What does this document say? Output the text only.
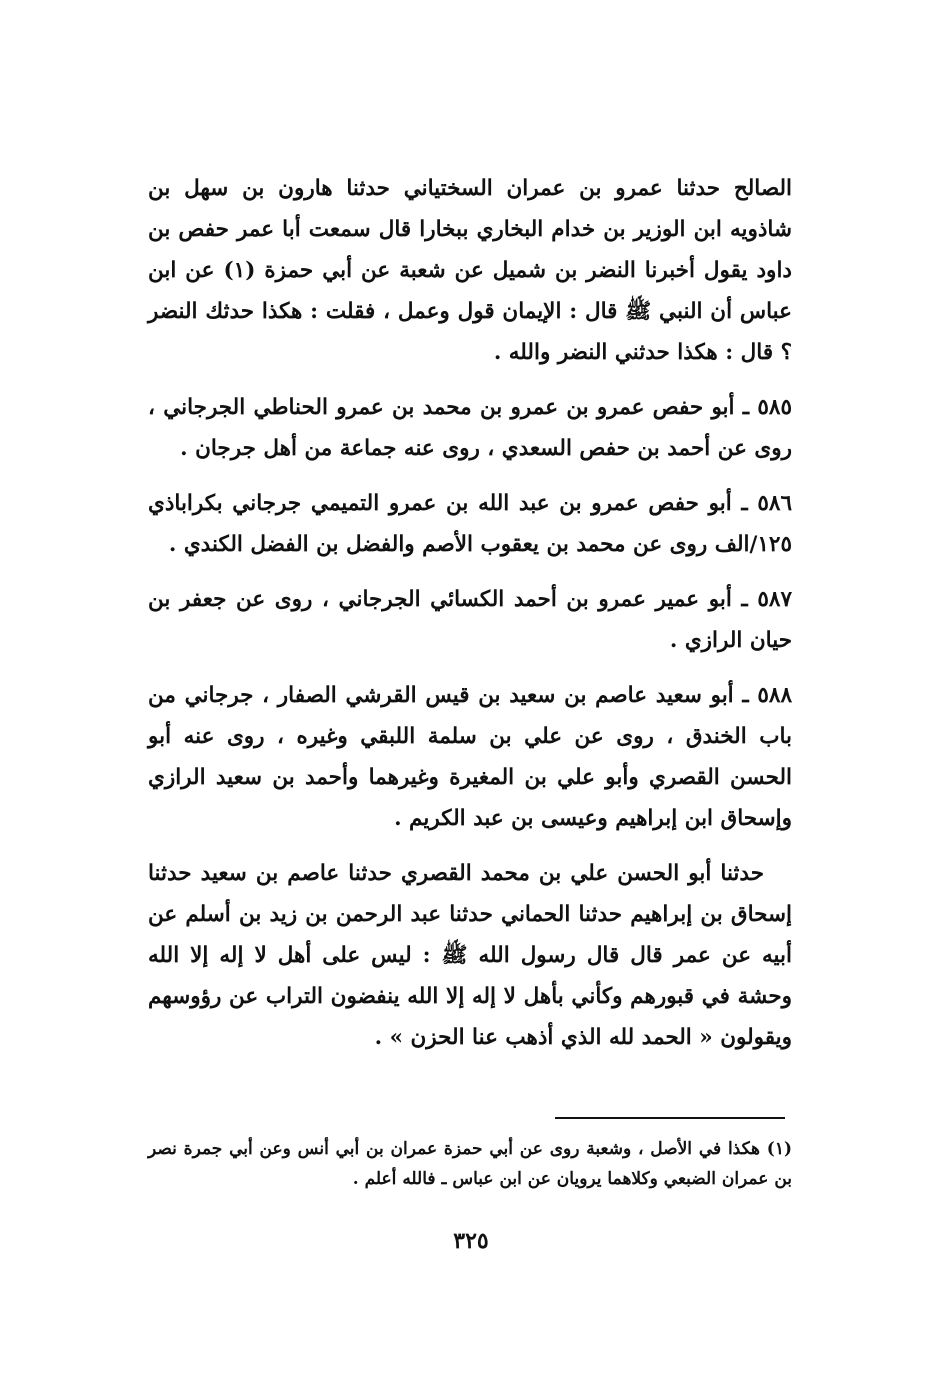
الصالح حدثنا عمرو بن عمران السختياني حدثنا هارون بن سهل بن شاذويه ابن الوزير بن خدام البخاري ببخارا قال سمعت أبا عمر حفص بن داود يقول أخبرنا النضر بن شميل عن شعبة عن أبي حمزة (١) عن ابن عباس أن النبي ﷺ قال : الإيمان قول وعمل ، فقلت : هكذا حدثك النضر ؟ قال : هكذا حدثني النضر والله .

٥٨٥ ـ أبو حفص عمرو بن عمرو بن محمد بن عمرو الحناطي الجرجاني ، روى عن أحمد بن حفص السعدي ، روى عنه جماعة من أهل جرجان .

٥٨٦ ـ أبو حفص عمرو بن عبد الله بن عمرو التميمي جرجاني بكراباذي ١٢٥/الف روى عن محمد بن يعقوب الأصم والفضل بن الفضل الكندي .

٥٨٧ ـ أبو عمير عمرو بن أحمد الكسائي الجرجاني ، روى عن جعفر بن حيان الرازي .

٥٨٨ ـ أبو سعيد عاصم بن سعيد بن قيس القرشي الصفار ، جرجاني من باب الخندق ، روى عن علي بن سلمة اللبقي وغيره ، روى عنه أبو الحسن القصري وأبو علي بن المغيرة وغيرهما وأحمد بن سعيد الرازي وإسحاق ابن إبراهيم وعيسى بن عبد الكريم .

حدثنا أبو الحسن علي بن محمد القصري حدثنا عاصم بن سعيد حدثنا إسحاق بن إبراهيم حدثنا الحماني حدثنا عبد الرحمن بن زيد بن أسلم عن أبيه عن عمر قال قال رسول الله ﷺ : ليس على أهل لا إله إلا الله وحشة في قبورهم وكأني بأهل لا إله إلا الله ينفضون التراب عن رؤوسهم ويقولون « الحمد لله الذي أذهب عنا الحزن » .

(١) هكذا في الأصل ، وشعبة روى عن أبي حمزة عمران بن أبي أنس وعن أبي جمرة نصر بن عمران الضبعي وكلاهما يرويان عن ابن عباس ـ فالله أعلم .

٣٢٥
